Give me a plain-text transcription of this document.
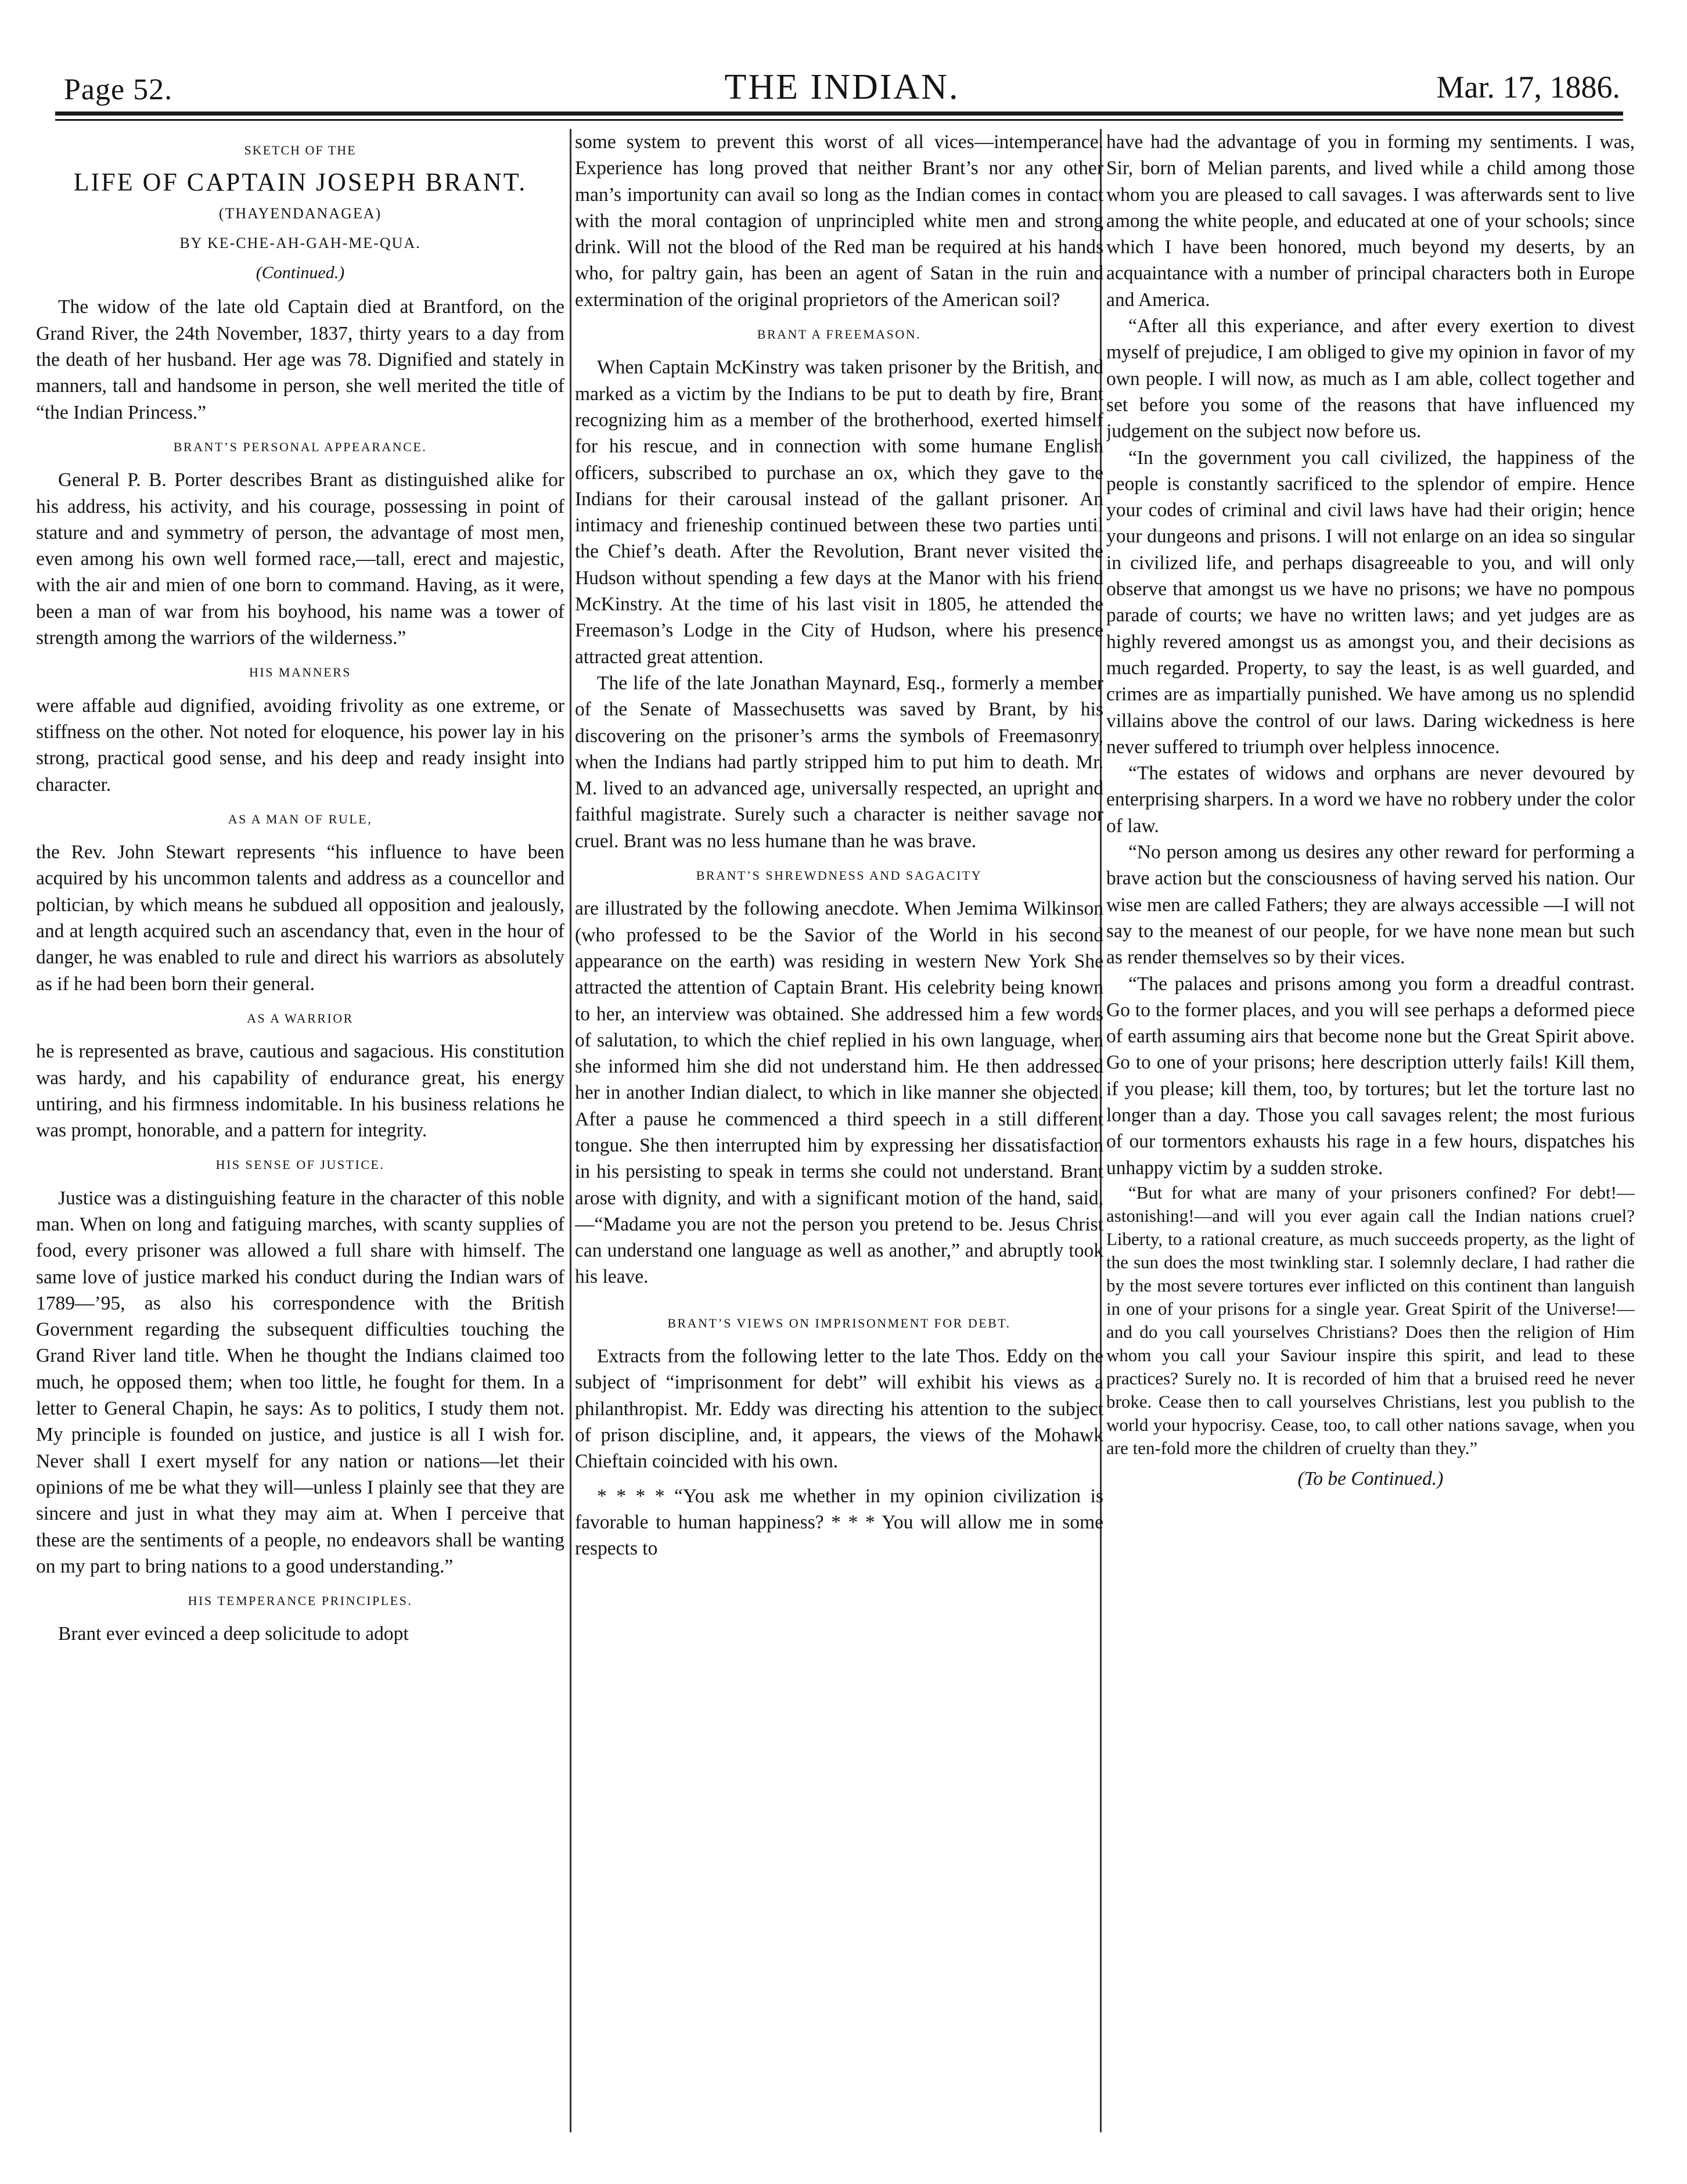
Page 52.	THE INDIAN.	Mar. 17, 1886.
SKETCH OF THE
LIFE OF CAPTAIN JOSEPH BRANT.
(THAYENDANAGEA)
BY KE-CHE-AH-GAH-ME-QUA.
(Continued.)

The widow of the late old Captain died at Brantford, on the Grand River, the 24th November, 1837, thirty years to a day from the death of her husband. Her age was 78. Dignified and stately in manners, tall and handsome in person, she well merited the title of “the Indian Princess.”

BRANT’S PERSONAL APPEARANCE.

General P. B. Porter describes Brant as distinguished alike for his address, his activity, and his courage, possessing in point of stature and and symmetry of person, the advantage of most men, even among his own well formed race,—tall, erect and majestic, with the air and mien of one born to command. Having, as it were, been a man of war from his boyhood, his name was a tower of strength among the warriors of the wilderness.”

HIS MANNERS

were affable aud dignified, avoiding frivolity as one extreme, or stiffness on the other. Not noted for eloquence, his power lay in his strong, practical good sense, and his deep and ready insight into character.

AS A MAN OF RULE,

the Rev. John Stewart represents “his influence to have been acquired by his uncommon talents and address as a councellor and poltician, by which means he subdued all opposition and jealously, and at length acquired such an ascendancy that, even in the hour of danger, he was enabled to rule and direct his warriors as absolutely as if he had been born their general.

AS A WARRIOR

he is represented as brave, cautious and sagacious. His constitution was hardy, and his capability of endurance great, his energy untiring, and his firmness indomitable. In his business relations he was prompt, honorable, and a pattern for integrity.

HIS SENSE OF JUSTICE.

Justice was a distinguishing feature in the character of this noble man. When on long and fatiguing marches, with scanty supplies of food, every prisoner was allowed a full share with himself. The same love of justice marked his conduct during the Indian wars of 1789—’95, as also his correspondence with the British Government regarding the subsequent difficulties touching the Grand River land title. When he thought the Indians claimed too much, he opposed them; when too little, he fought for them. In a letter to General Chapin, he says: As to politics, I study them not. My principle is founded on justice, and justice is all I wish for. Never shall I exert myself for any nation or nations—let their opinions of me be what they will—unless I plainly see that they are sincere and just in what they may aim at. When I perceive that these are the sentiments of a people, no endeavors shall be wanting on my part to bring nations to a good understanding.”

HIS TEMPERANCE PRINCIPLES.

Brant ever evinced a deep solicitude to adopt

some system to prevent this worst of all vices—intemperance. Experience has long proved that neither Brant’s nor any other man’s importunity can avail so long as the Indian comes in contact with the moral contagion of unprincipled white men and strong drink. Will not the blood of the Red man be required at his hands who, for paltry gain, has been an agent of Satan in the ruin and extermination of the original proprietors of the American soil?

BRANT A FREEMASON.

When Captain McKinstry was taken prisoner by the British, and marked as a victim by the Indians to be put to death by fire, Brant recognizing him as a member of the brotherhood, exerted himself for his rescue, and in connection with some humane English officers, subscribed to purchase an ox, which they gave to the Indians for their carousal instead of the gallant prisoner. An intimacy and frieneship continued between these two parties until the Chief’s death. After the Revolution, Brant never visited the Hudson without spending a few days at the Manor with his friend McKinstry. At the time of his last visit in 1805, he attended the Freemason’s Lodge in the City of Hudson, where his presence attracted great attention.

The life of the late Jonathan Maynard, Esq., formerly a member of the Senate of Massechusetts was saved by Brant, by his discovering on the prisoner’s arms the symbols of Freemasonry, when the Indians had partly stripped him to put him to death. Mr. M. lived to an advanced age, universally respected, an upright and faithful magistrate. Surely such a character is neither savage nor cruel. Brant was no less humane than he was brave.

BRANT’S SHREWDNESS AND SAGACITY

are illustrated by the following anecdote. When Jemima Wilkinson (who professed to be the Savior of the World in his second appearance on the earth) was residing in western New York She attracted the attention of Captain Brant. His celebrity being known to her, an interview was obtained. She addressed him a few words of salutation, to which the chief replied in his own language, when she informed him she did not understand him. He then addressed her in another Indian dialect, to which in like manner she objected. After a pause he commenced a third speech in a still different tongue. She then interrupted him by expressing her dissatisfaction in his persisting to speak in terms she could not understand. Brant arose with dignity, and with a significant motion of the hand, said, —“Madame you are not the person you pretend to be. Jesus Christ can understand one language as well as another,” and abruptly took his leave.

BRANT’S VIEWS ON IMPRISONMENT FOR DEBT.

Extracts from the following letter to the late Thos. Eddy on the subject of “imprisonment for debt” will exhibit his views as a philanthropist. Mr. Eddy was directing his attention to the subject of prison discipline, and, it appears, the views of the Mohawk Chieftain coincided with his own.

* * * * “You ask me whether in my opinion civilization is favorable to human happiness? * * * You will allow me in some respects to

have had the advantage of you in forming my sentiments. I was, Sir, born of Melian parents, and lived while a child among those whom you are pleased to call savages. I was afterwards sent to live among the white people, and educated at one of your schools; since which I have been honored, much beyond my deserts, by an acquaintance with a number of principal characters both in Europe and America.

“After all this experiance, and after every exertion to divest myself of prejudice, I am obliged to give my opinion in favor of my own people. I will now, as much as I am able, collect together and set before you some of the reasons that have influenced my judgement on the subject now before us.

“In the government you call civilized, the happiness of the people is constantly sacrificed to the splendor of empire. Hence your codes of criminal and civil laws have had their origin; hence your dungeons and prisons. I will not enlarge on an idea so singular in civilized life, and perhaps disagreeable to you, and will only observe that amongst us we have no prisons; we have no pompous parade of courts; we have no written laws; and yet judges are as highly revered amongst us as amongst you, and their decisions as much regarded. Property, to say the least, is as well guarded, and crimes are as impartially punished. We have among us no splendid villains above the control of our laws. Daring wickedness is here never suffered to triumph over helpless innocence.

“The estates of widows and orphans are never devoured by enterprising sharpers. In a word we have no robbery under the color of law.

“No person among us desires any other reward for performing a brave action but the consciousness of having served his nation. Our wise men are called Fathers; they are always accessible —I will not say to the meanest of our people, for we have none mean but such as render themselves so by their vices.

“The palaces and prisons among you form a dreadful contrast. Go to the former places, and you will see perhaps a deformed piece of earth assuming airs that become none but the Great Spirit above. Go to one of your prisons; here description utterly fails! Kill them, if you please; kill them, too, by tortures; but let the torture last no longer than a day. Those you call savages relent; the most furious of our tormentors exhausts his rage in a few hours, dispatches his unhappy victim by a sudden stroke.

“But for what are many of your prisoners confined? For debt!—astonishing!—and will you ever again call the Indian nations cruel? Liberty, to a rational creature, as much succeeds property, as the light of the sun does the most twinkling star. I solemnly declare, I had rather die by the most severe tortures ever inflicted on this continent than languish in one of your prisons for a single year. Great Spirit of the Universe!—and do you call yourselves Christians? Does then the religion of Him whom you call your Saviour inspire this spirit, and lead to these practices? Surely no. It is recorded of him that a bruised reed he never broke. Cease then to call yourselves Christians, lest you publish to the world your hypocrisy. Cease, too, to call other nations savage, when you are ten-fold more the children of cruelty than they.”

(To be Continued.)
